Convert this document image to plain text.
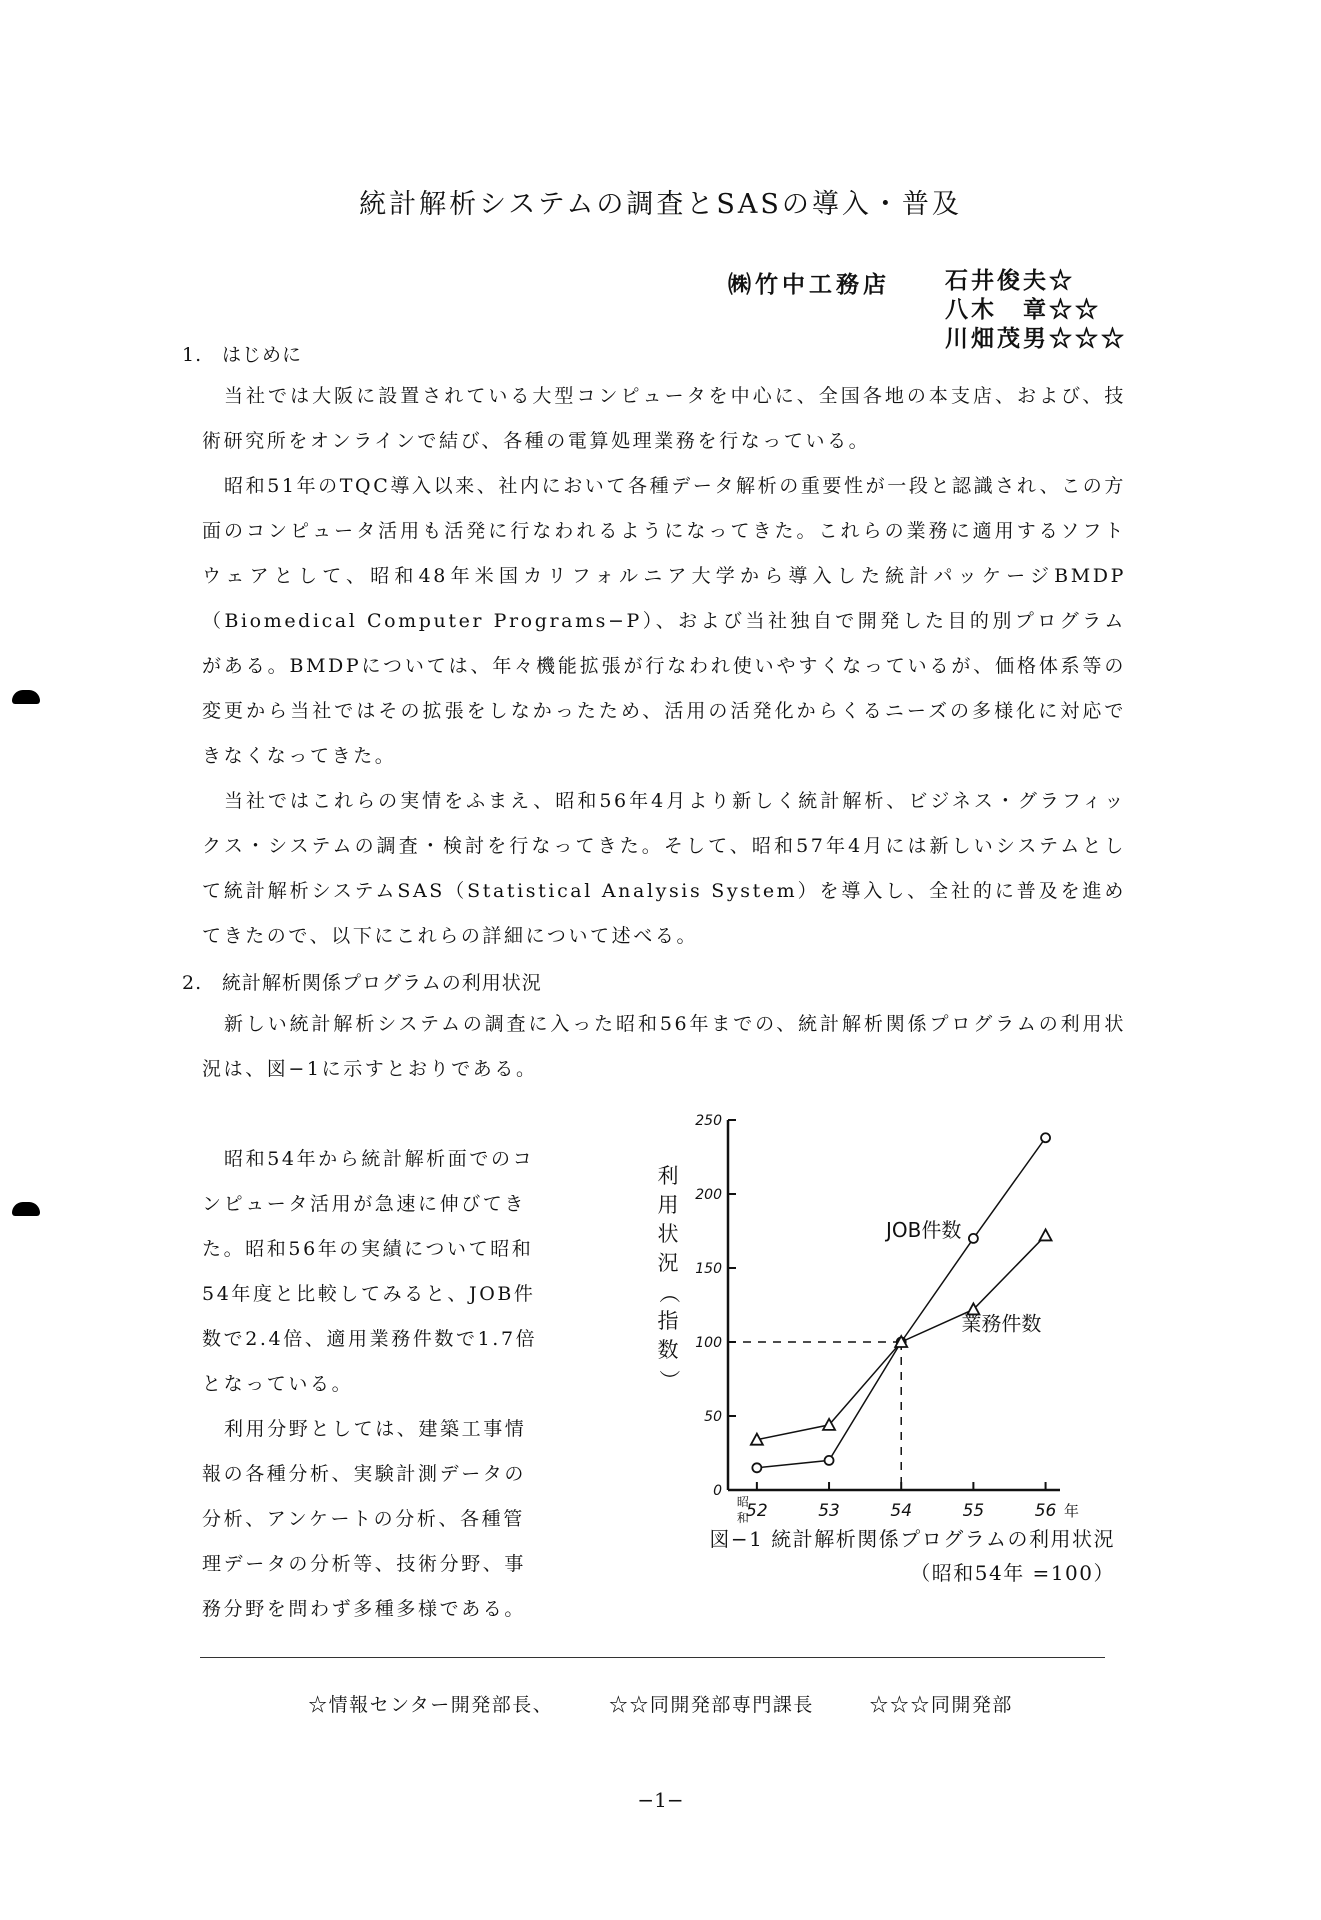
統計解析システムの調査とSASの導入・普及
㈱竹中工務店 石井俊夫☆
八木　章☆☆
川畑茂男☆☆☆
1. はじめに

当社では大阪に設置されている大型コンピュータを中心に、全国各地の本支店、および、技術研究所をオンラインで結び、各種の電算処理業務を行なっている。

昭和51年のTQC導入以来、社内において各種データ解析の重要性が一段と認識され、この方面のコンピュータ活用も活発に行なわれるようになってきた。これらの業務に適用するソフトウェアとして、昭和48年米国カリフォルニア大学から導入した統計パッケージBMDP（Biomedical Computer Programs−P）、および当社独自で開発した目的別プログラムがある。BMDPについては、年々機能拡張が行なわれ使いやすくなっているが、価格体系等の変更から当社ではその拡張をしなかったため、活用の活発化からくるニーズの多様化に対応できなくなってきた。

当社ではこれらの実情をふまえ、昭和56年4月より新しく統計解析、ビジネス・グラフィックス・システムの調査・検討を行なってきた。そして、昭和57年4月には新しいシステムとして統計解析システムSAS（Statistical Analysis System）を導入し、全社的に普及を進めてきたので、以下にこれらの詳細について述べる。

2. 統計解析関係プログラムの利用状況

新しい統計解析システムの調査に入った昭和56年までの、統計解析関係プログラムの利用状況は、図−1に示すとおりである。

昭和54年から統計解析面でのコンピュータ活用が急速に伸びてきた。昭和56年の実績について昭和54年度と比較してみると、JOB件数で2.4倍、適用業務件数で1.7倍となっている。

利用分野としては、建築工事情報の各種分析、実験計測データの分析、アンケートの分析、各種管理データの分析等、技術分野、事務分野を問わず多種多様である。

0
50
100
150
200
250
52	53	54	55	56
昭
和	年
利
用
状
況
（
指
数
）
JOB件数
業務件数
図−1 統計解析関係プログラムの利用状況
（昭和54年 =100）
☆情報センター開発部長、	☆☆同開発部専門課長	☆☆☆同開発部
−1−
